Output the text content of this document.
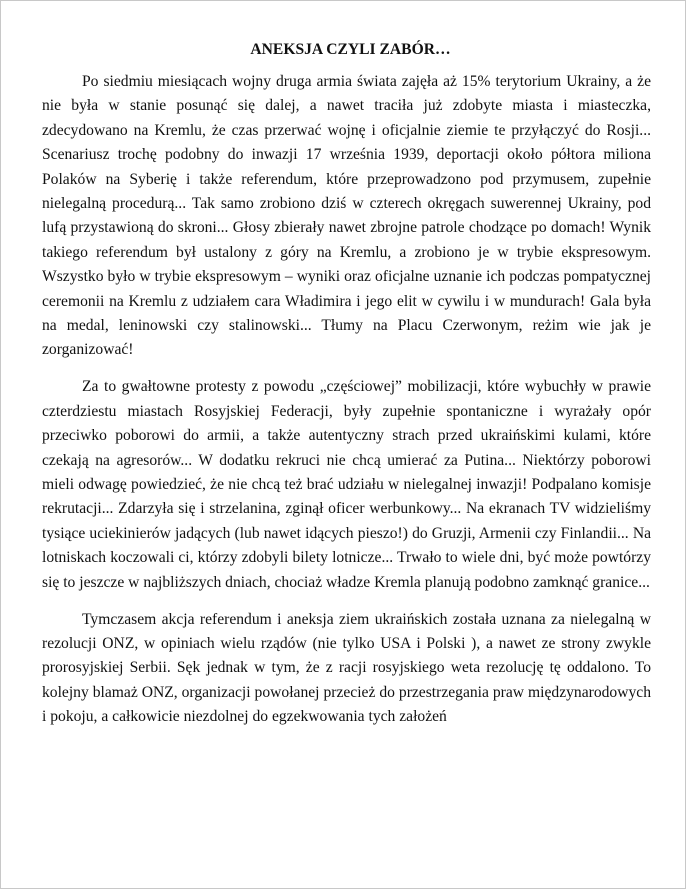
ANEKSJA CZYLI ZABÓR…

Po siedmiu miesiącach wojny druga armia świata zajęła aż 15% terytorium Ukrainy, a że nie była w stanie posunąć się dalej, a nawet traciła już zdobyte miasta i miasteczka, zdecydowano na Kremlu, że czas przerwać wojnę i oficjalnie ziemie te przyłączyć do Rosji... Scenariusz trochę podobny do inwazji 17 września 1939, deportacji około półtora miliona Polaków na Syberię i także referendum, które przeprowadzono pod przymusem, zupełnie nielegalną procedurą... Tak samo zrobiono dziś w czterech okręgach suwerennej Ukrainy, pod lufą przystawioną do skroni... Głosy zbierały nawet zbrojne patrole chodzące po domach! Wynik takiego referendum był ustalony z góry na Kremlu, a zrobiono je w trybie ekspresowym. Wszystko było w trybie ekspresowym – wyniki oraz oficjalne uznanie ich podczas pompatycznej ceremonii na Kremlu z udziałem cara Władimira i jego elit w cywilu i w mundurach! Gala była na medal, leninowski czy stalinowski... Tłumy na Placu Czerwonym, reżim wie jak je zorganizować!

Za to gwałtowne protesty z powodu „częściowej” mobilizacji, które wybuchły w prawie czterdziestu miastach Rosyjskiej Federacji, były zupełnie spontaniczne i wyrażały opór przeciwko poborowi do armii, a także autentyczny strach przed ukraińskimi kulami, które czekają na agresorów... W dodatku rekruci nie chcą umierać za Putina... Niektórzy poborowi mieli odwagę powiedzieć, że nie chcą też brać udziału w nielegalnej inwazji! Podpalano komisje rekrutacji... Zdarzyła się i strzelanina, zginął oficer werbunkowy... Na ekranach TV widzieliśmy tysiące uciekinierów jadących (lub nawet idących pieszo!) do Gruzji, Armenii czy Finlandii... Na lotniskach koczowali ci, którzy zdobyli bilety lotnicze... Trwało to wiele dni, być może powtórzy się to jeszcze w najbliższych dniach, chociaż władze Kremla planują podobno zamknąć granice...

Tymczasem akcja referendum i aneksja ziem ukraińskich została uznana za nielegalną w rezolucji ONZ, w opiniach wielu rządów (nie tylko USA i Polski ), a nawet ze strony zwykle prorosyjskiej Serbii. Sęk jednak w tym, że z racji rosyjskiego weta rezolucję tę oddalono. To kolejny blamaż ONZ, organizacji powołanej przecież do przestrzegania praw międzynarodowych i pokoju, a całkowicie niezdolnej do egzekwowania tych założeń
